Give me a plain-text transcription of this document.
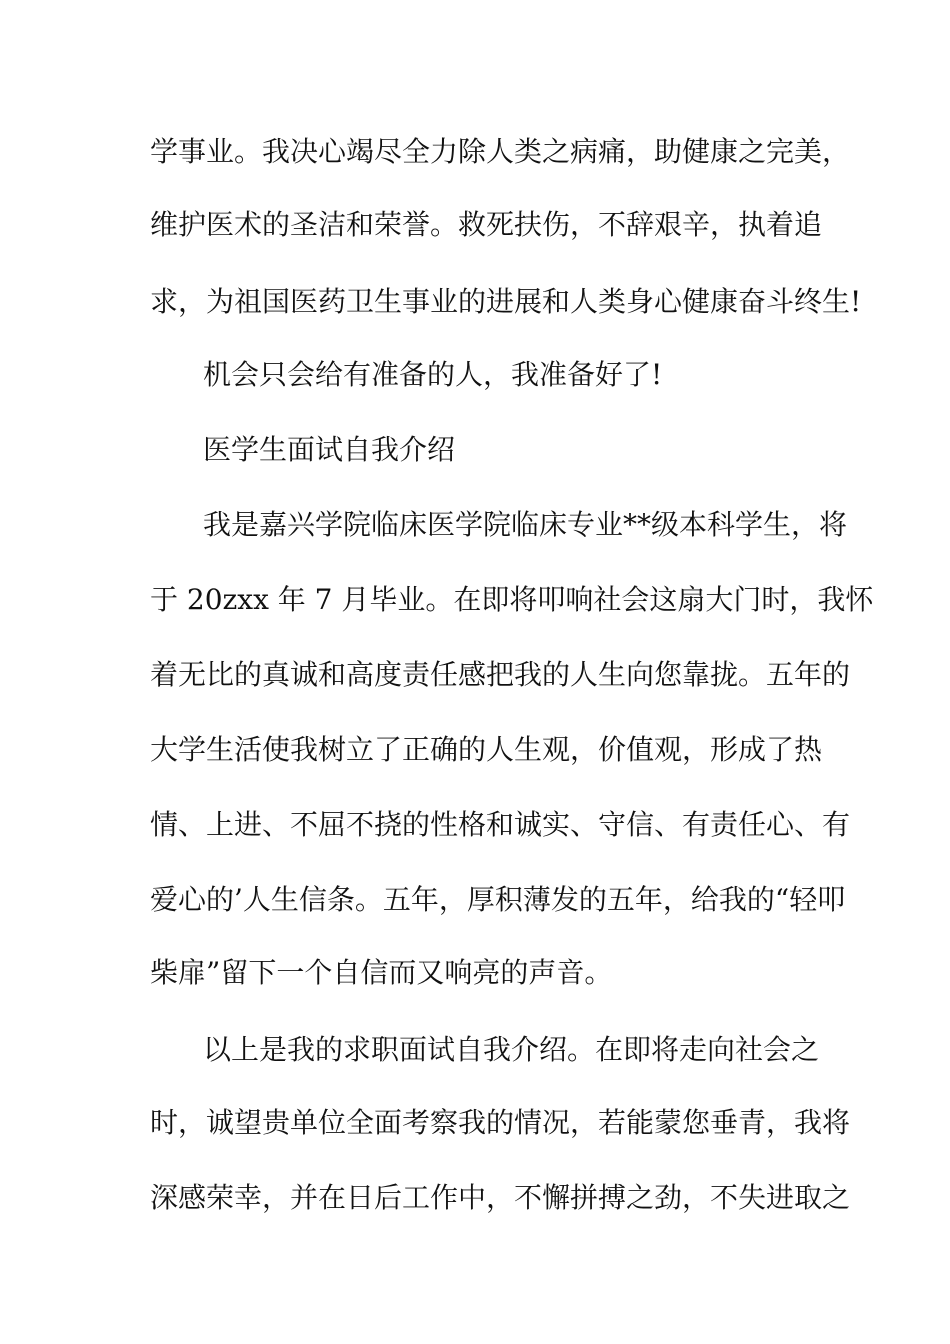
学事业。我决心竭尽全力除人类之病痛，助健康之完美，
维护医术的圣洁和荣誉。救死扶伤，不辞艰辛，执着追
求，为祖国医药卫生事业的进展和人类身心健康奋斗终生!
机会只会给有准备的人，我准备好了!
医学生面试自我介绍
我是嘉兴学院临床医学院临床专业**级本科学生，将
于 20zxx 年 7 月毕业。在即将叩响社会这扇大门时，我怀
着无比的真诚和高度责任感把我的人生向您靠拢。五年的
大学生活使我树立了正确的人生观，价值观，形成了热
情、上进、不屈不挠的性格和诚实、守信、有责任心、有
爱心的’人生信条。五年，厚积薄发的五年，给我的“轻叩
柴扉”留下一个自信而又响亮的声音。
以上是我的求职面试自我介绍。在即将走向社会之
时，诚望贵单位全面考察我的情况，若能蒙您垂青，我将
深感荣幸，并在日后工作中，不懈拼搏之劲，不失进取之
